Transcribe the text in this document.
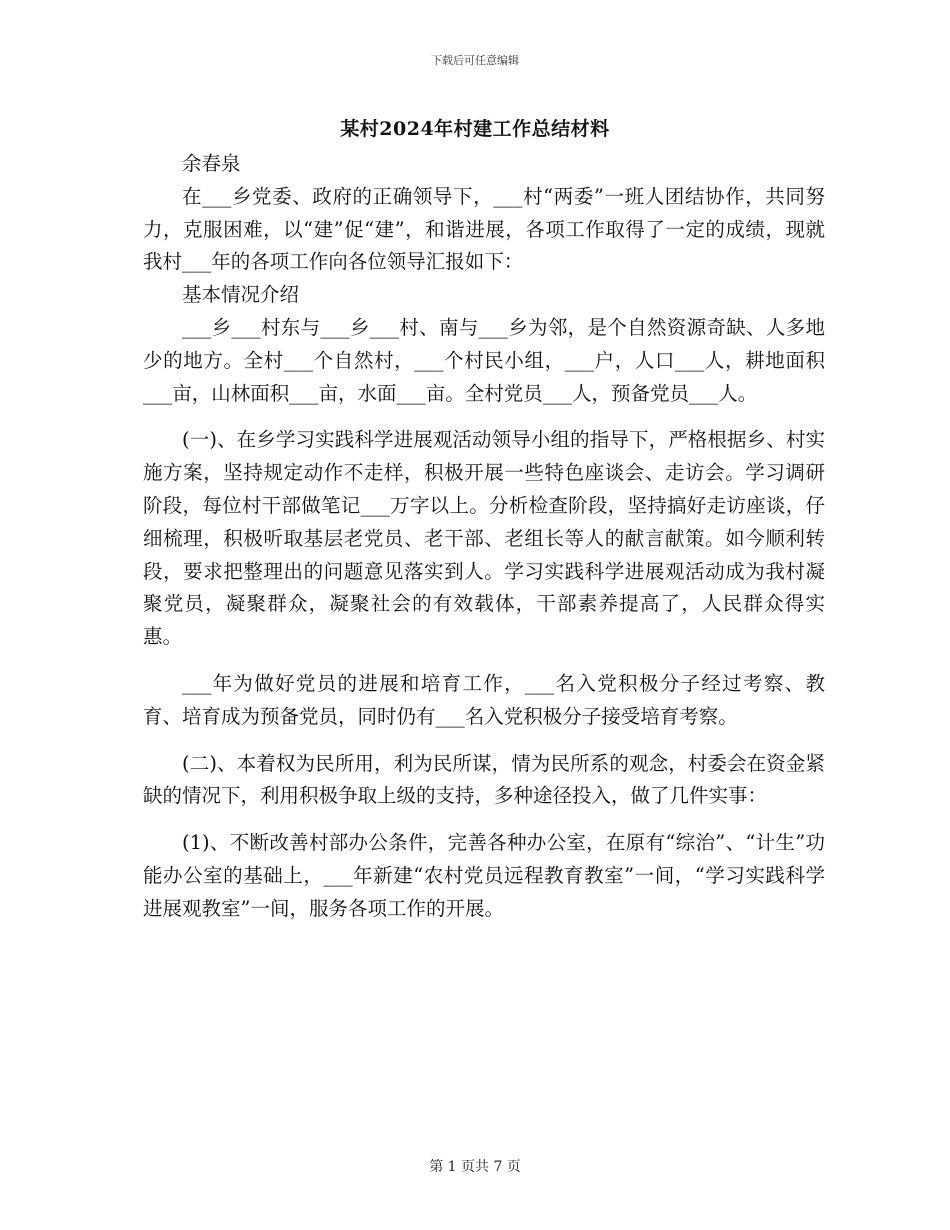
下载后可任意编辑
某村2024年村建工作总结材料

余春泉

在___乡党委、政府的正确领导下，___村“两委”一班人团结协作，共同努力，克服困难，以“建”促“建”，和谐进展，各项工作取得了一定的成绩，现就我村___年的各项工作向各位领导汇报如下：

基本情况介绍

___乡___村东与___乡___村、南与___乡为邻，是个自然资源奇缺、人多地少的地方。全村___个自然村，___个村民小组，___户，人口___人，耕地面积___亩，山林面积___亩，水面___亩。全村党员___人，预备党员___人。

(一)、在乡学习实践科学进展观活动领导小组的指导下，严格根据乡、村实施方案，坚持规定动作不走样，积极开展一些特色座谈会、走访会。学习调研阶段，每位村干部做笔记___万字以上。分析检查阶段，坚持搞好走访座谈，仔细梳理，积极听取基层老党员、老干部、老组长等人的献言献策。如今顺利转段，要求把整理出的问题意见落实到人。学习实践科学进展观活动成为我村凝聚党员，凝聚群众，凝聚社会的有效载体，干部素养提高了，人民群众得实惠。

___年为做好党员的进展和培育工作，___名入党积极分子经过考察、教育、培育成为预备党员，同时仍有___名入党积极分子接受培育考察。

(二)、本着权为民所用，利为民所谋，情为民所系的观念，村委会在资金紧缺的情况下，利用积极争取上级的支持，多种途径投入，做了几件实事：

(1)、不断改善村部办公条件，完善各种办公室，在原有“综治”、“计生”功能办公室的基础上，___年新建“农村党员远程教育教室”一间，“学习实践科学进展观教室”一间，服务各项工作的开展。

第 1 页共 7 页
